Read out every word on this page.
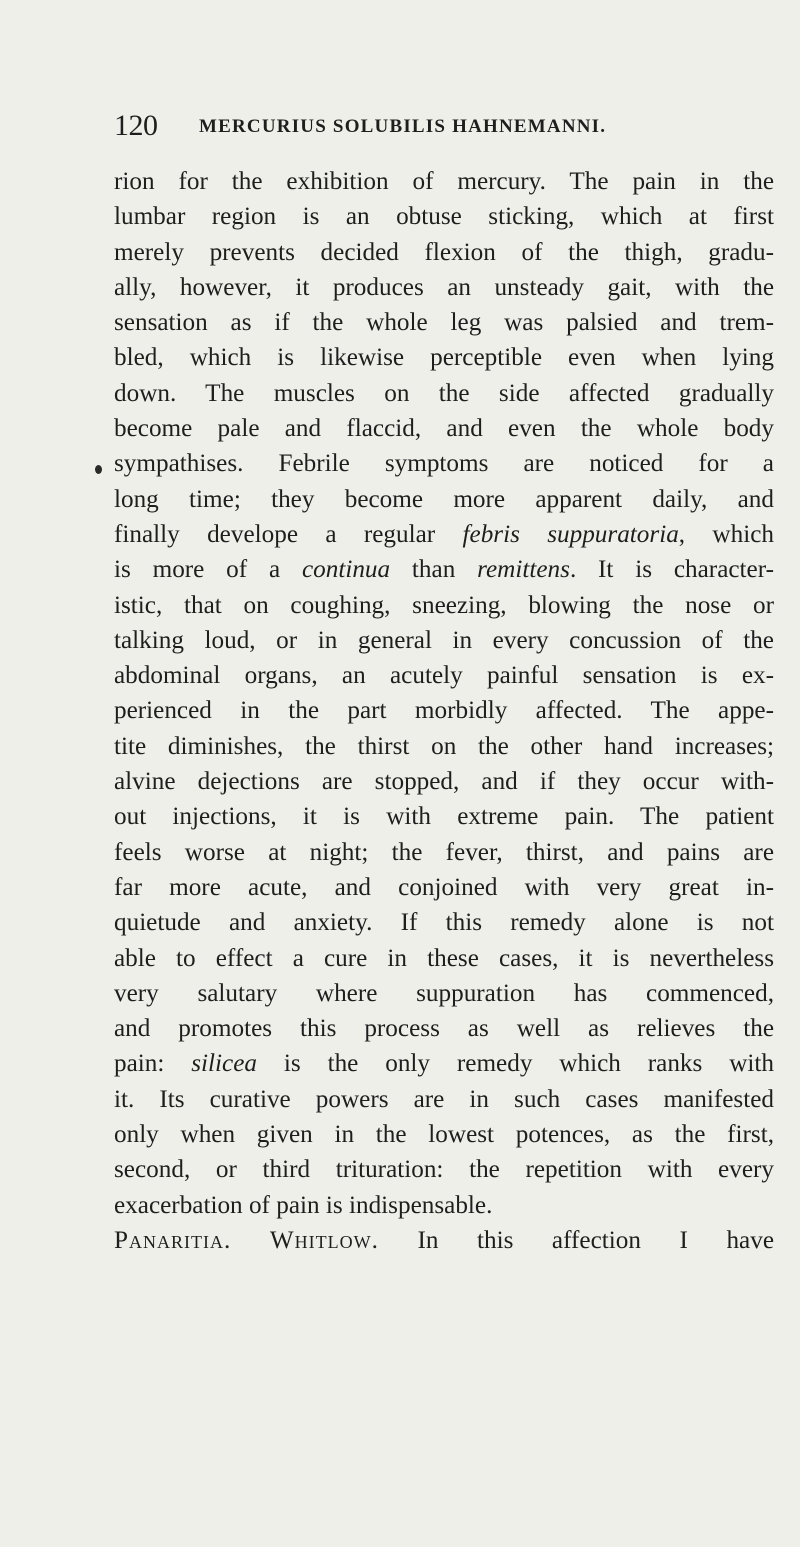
120 MERCURIUS SOLUBILIS HAHNEMANNI.
rion for the exhibition of mercury. The pain in the
lumbar region is an obtuse sticking, which at first
merely prevents decided flexion of the thigh, gradu-
ally, however, it produces an unsteady gait, with the
sensation as if the whole leg was palsied and trem-
bled, which is likewise perceptible even when lying
down. The muscles on the side affected gradually
become pale and flaccid, and even the whole body
sympathises. Febrile symptoms are noticed for a
long time; they become more apparent daily, and
finally develope a regular febris suppuratoria, which
is more of a continua than remittens. It is character-
istic, that on coughing, sneezing, blowing the nose or
talking loud, or in general in every concussion of the
abdominal organs, an acutely painful sensation is ex-
perienced in the part morbidly affected. The appe-
tite diminishes, the thirst on the other hand increases;
alvine dejections are stopped, and if they occur with-
out injections, it is with extreme pain. The patient
feels worse at night; the fever, thirst, and pains are
far more acute, and conjoined with very great in-
quietude and anxiety. If this remedy alone is not
able to effect a cure in these cases, it is nevertheless
very salutary where suppuration has commenced,
and promotes this process as well as relieves the
pain: silicea is the only remedy which ranks with
it. Its curative powers are in such cases manifested
only when given in the lowest potences, as the first,
second, or third trituration: the repetition with every
exacerbation of pain is indispensable.
Panaritia. Whitlow. In this affection I have
